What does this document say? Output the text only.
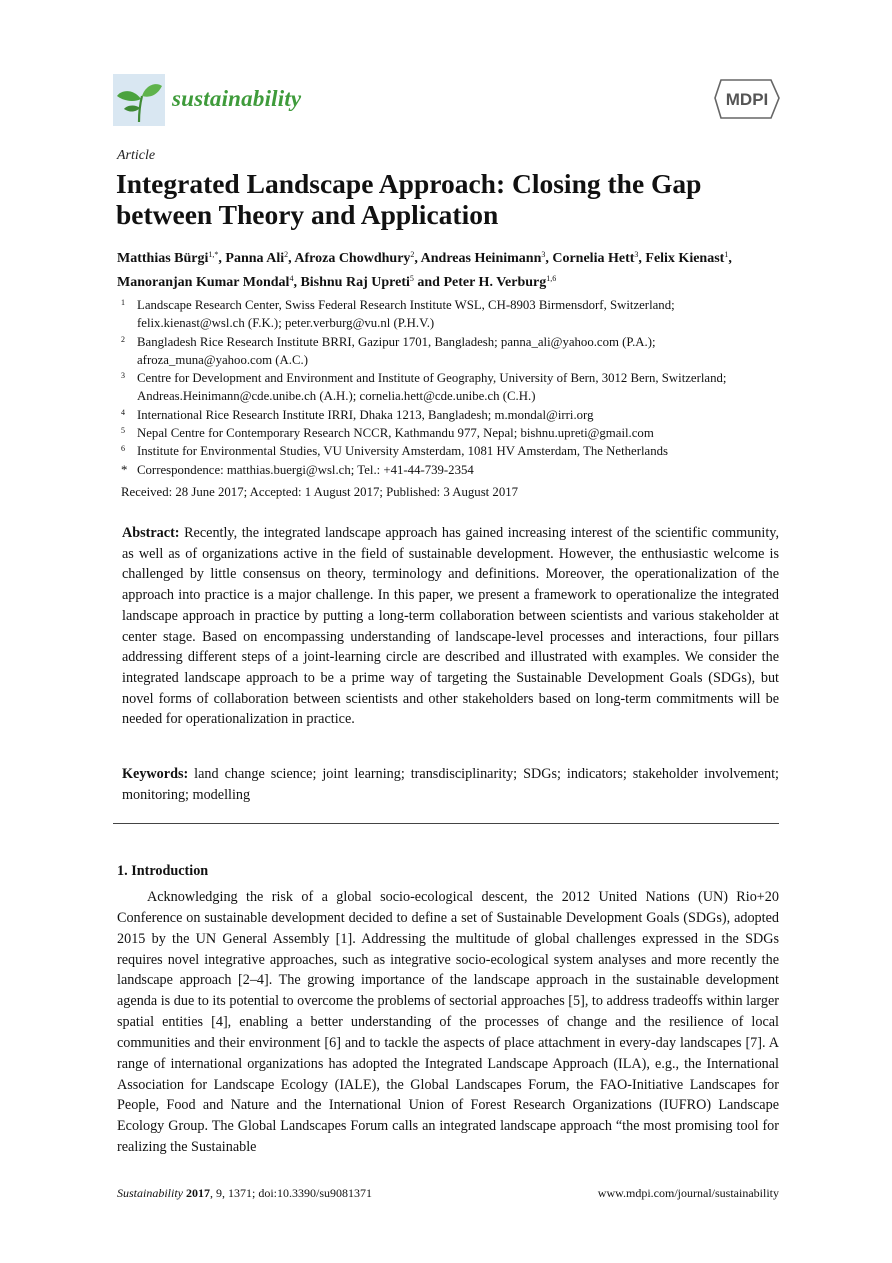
sustainability	MDPI
Article
Integrated Landscape Approach: Closing the Gap between Theory and Application
Matthias Bürgi$^{1,*}$, Panna Ali$^2$, Afroza Chowdhury$^2$, Andreas Heinimann$^3$, Cornelia Hett$^3$, Felix Kienast$^1$, Manoranjan Kumar Mondal$^4$, Bishnu Raj Upreti$^5$ and Peter H. Verburg$^{1,6}$
1 Landscape Research Center, Swiss Federal Research Institute WSL, CH-8903 Birmensdorf, Switzerland; felix.kienast@wsl.ch (F.K.); peter.verburg@vu.nl (P.H.V.)
2 Bangladesh Rice Research Institute BRRI, Gazipur 1701, Bangladesh; panna_ali@yahoo.com (P.A.); afroza_muna@yahoo.com (A.C.)
3 Centre for Development and Environment and Institute of Geography, University of Bern, 3012 Bern, Switzerland; Andreas.Heinimann@cde.unibe.ch (A.H.); cornelia.hett@cde.unibe.ch (C.H.)
4 International Rice Research Institute IRRI, Dhaka 1213, Bangladesh; m.mondal@irri.org
5 Nepal Centre for Contemporary Research NCCR, Kathmandu 977, Nepal; bishnu.upreti@gmail.com
6 Institute for Environmental Studies, VU University Amsterdam, 1081 HV Amsterdam, The Netherlands
* Correspondence: matthias.buergi@wsl.ch; Tel.: +41-44-739-2354
Received: 28 June 2017; Accepted: 1 August 2017; Published: 3 August 2017

Abstract: Recently, the integrated landscape approach has gained increasing interest of the scientific community, as well as of organizations active in the field of sustainable development. However, the enthusiastic welcome is challenged by little consensus on theory, terminology and definitions. Moreover, the operationalization of the approach into practice is a major challenge. In this paper, we present a framework to operationalize the integrated landscape approach in practice by putting a long-term collaboration between scientists and various stakeholder at center stage. Based on encompassing understanding of landscape-level processes and interactions, four pillars addressing different steps of a joint-learning circle are described and illustrated with examples. We consider the integrated landscape approach to be a prime way of targeting the Sustainable Development Goals (SDGs), but novel forms of collaboration between scientists and other stakeholders based on long-term commitments will be needed for operationalization in practice.

Keywords: land change science; joint learning; transdisciplinarity; SDGs; indicators; stakeholder involvement; monitoring; modelling

1. Introduction

Acknowledging the risk of a global socio-ecological descent, the 2012 United Nations (UN) Rio+20 Conference on sustainable development decided to define a set of Sustainable Development Goals (SDGs), adopted 2015 by the UN General Assembly [1]. Addressing the multitude of global challenges expressed in the SDGs requires novel integrative approaches, such as integrative socio-ecological system analyses and more recently the landscape approach [2–4]. The growing importance of the landscape approach in the sustainable development agenda is due to its potential to overcome the problems of sectorial approaches [5], to address tradeoffs within larger spatial entities [4], enabling a better understanding of the processes of change and the resilience of local communities and their environment [6] and to tackle the aspects of place attachment in every-day landscapes [7]. A range of international organizations has adopted the Integrated Landscape Approach (ILA), e.g., the International Association for Landscape Ecology (IALE), the Global Landscapes Forum, the FAO-Initiative Landscapes for People, Food and Nature and the International Union of Forest Research Organizations (IUFRO) Landscape Ecology Group. The Global Landscapes Forum calls an integrated landscape approach “the most promising tool for realizing the Sustainable

Sustainability 2017, 9, 1371; doi:10.3390/su9081371	www.mdpi.com/journal/sustainability
